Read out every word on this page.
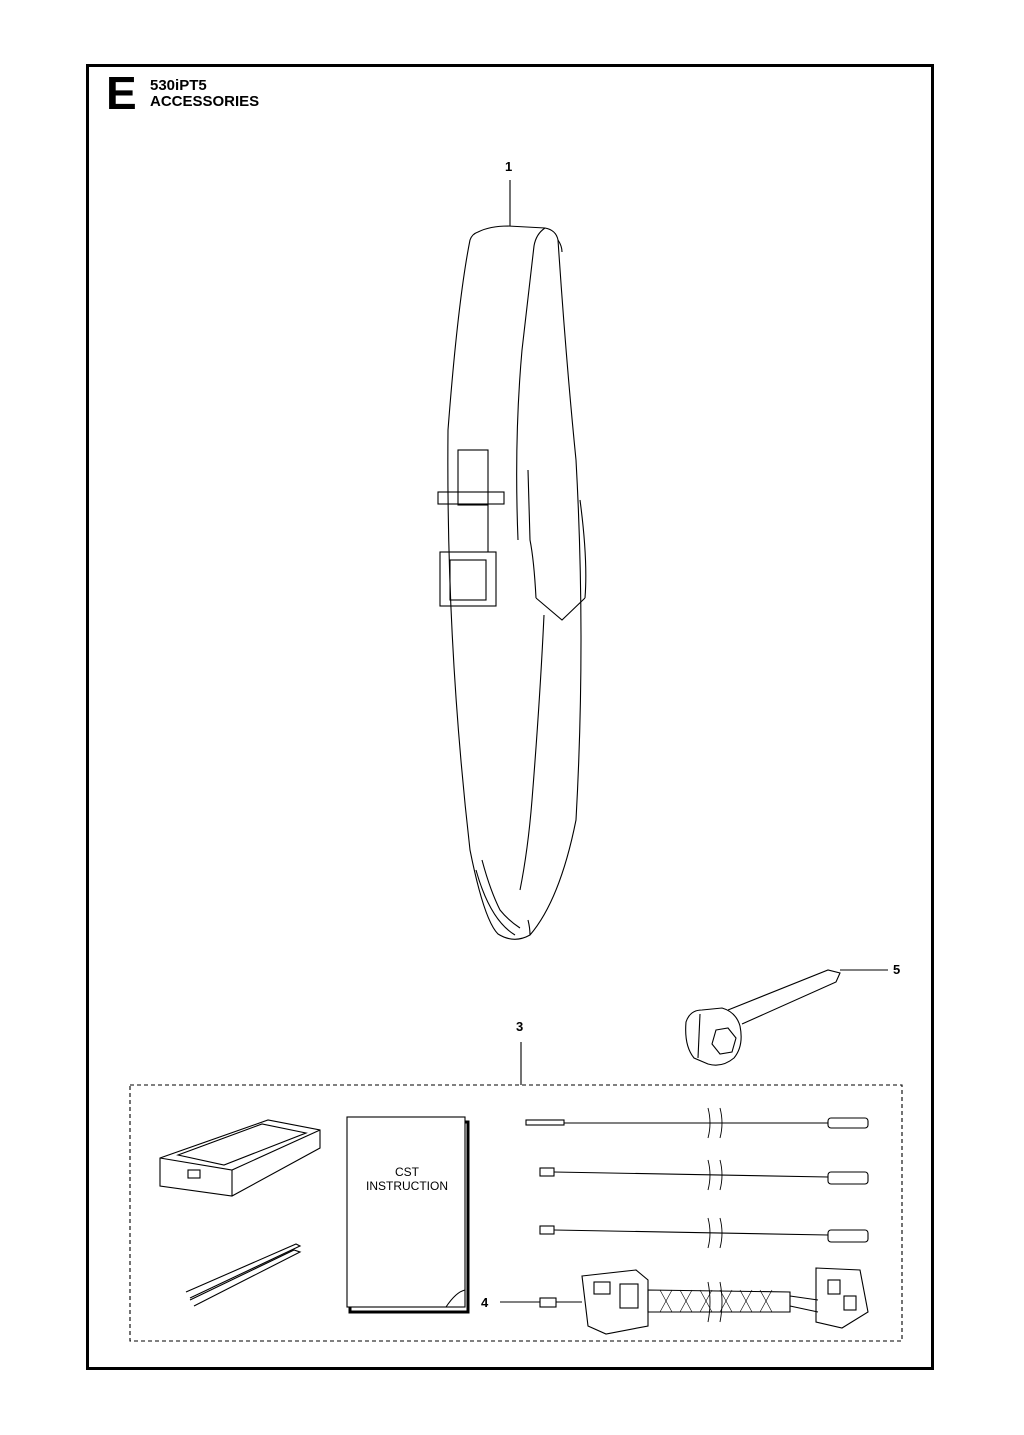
E 530iPT5
ACCESSORIES
1
5
3
4
CST
INSTRUCTION
